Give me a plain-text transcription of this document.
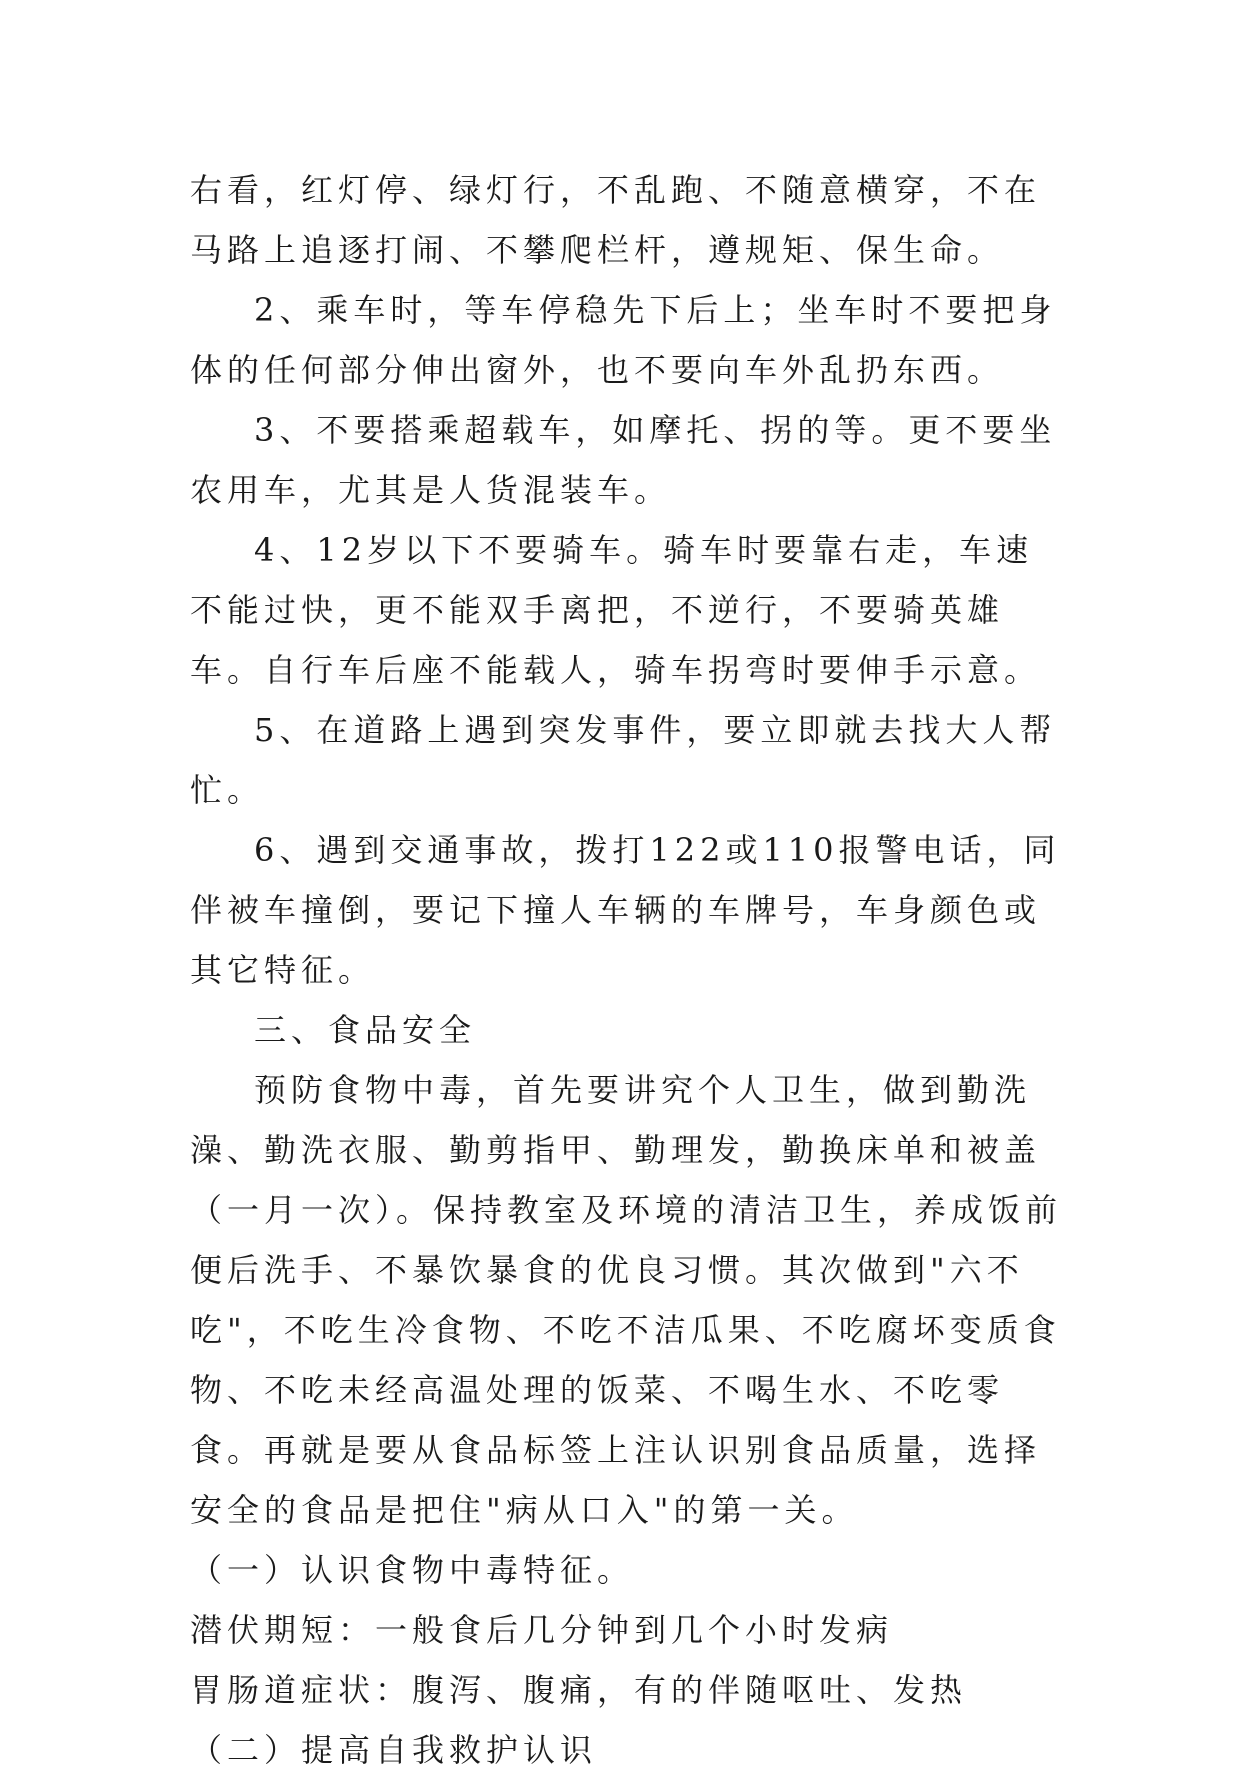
右看，红灯停、绿灯行，不乱跑、不随意横穿，不在马路上追逐打闹、不攀爬栏杆，遵规矩、保生命。

2、乘车时，等车停稳先下后上；坐车时不要把身体的任何部分伸出窗外，也不要向车外乱扔东西。

3、不要搭乘超载车，如摩托、拐的等。更不要坐农用车，尤其是人货混装车。

4、12岁以下不要骑车。骑车时要靠右走，车速不能过快，更不能双手离把，不逆行，不要骑英雄车。自行车后座不能载人，骑车拐弯时要伸手示意。

5、在道路上遇到突发事件，要立即就去找大人帮忙。

6、遇到交通事故，拨打122或110报警电话，同伴被车撞倒，要记下撞人车辆的车牌号，车身颜色或其它特征。

三、食品安全

预防食物中毒，首先要讲究个人卫生，做到勤洗澡、勤洗衣服、勤剪指甲、勤理发，勤换床单和被盖（一月一次）。保持教室及环境的清洁卫生，养成饭前便后洗手、不暴饮暴食的优良习惯。其次做到"六不吃"，不吃生冷食物、不吃不洁瓜果、不吃腐坏变质食物、不吃未经高温处理的饭菜、不喝生水、不吃零食。再就是要从食品标签上注认识别食品质量，选择安全的食品是把住"病从口入"的第一关。

（一）认识食物中毒特征。

潜伏期短：一般食后几分钟到几个小时发病

胃肠道症状：腹泻、腹痛，有的伴随呕吐、发热

（二）提高自我救护认识
